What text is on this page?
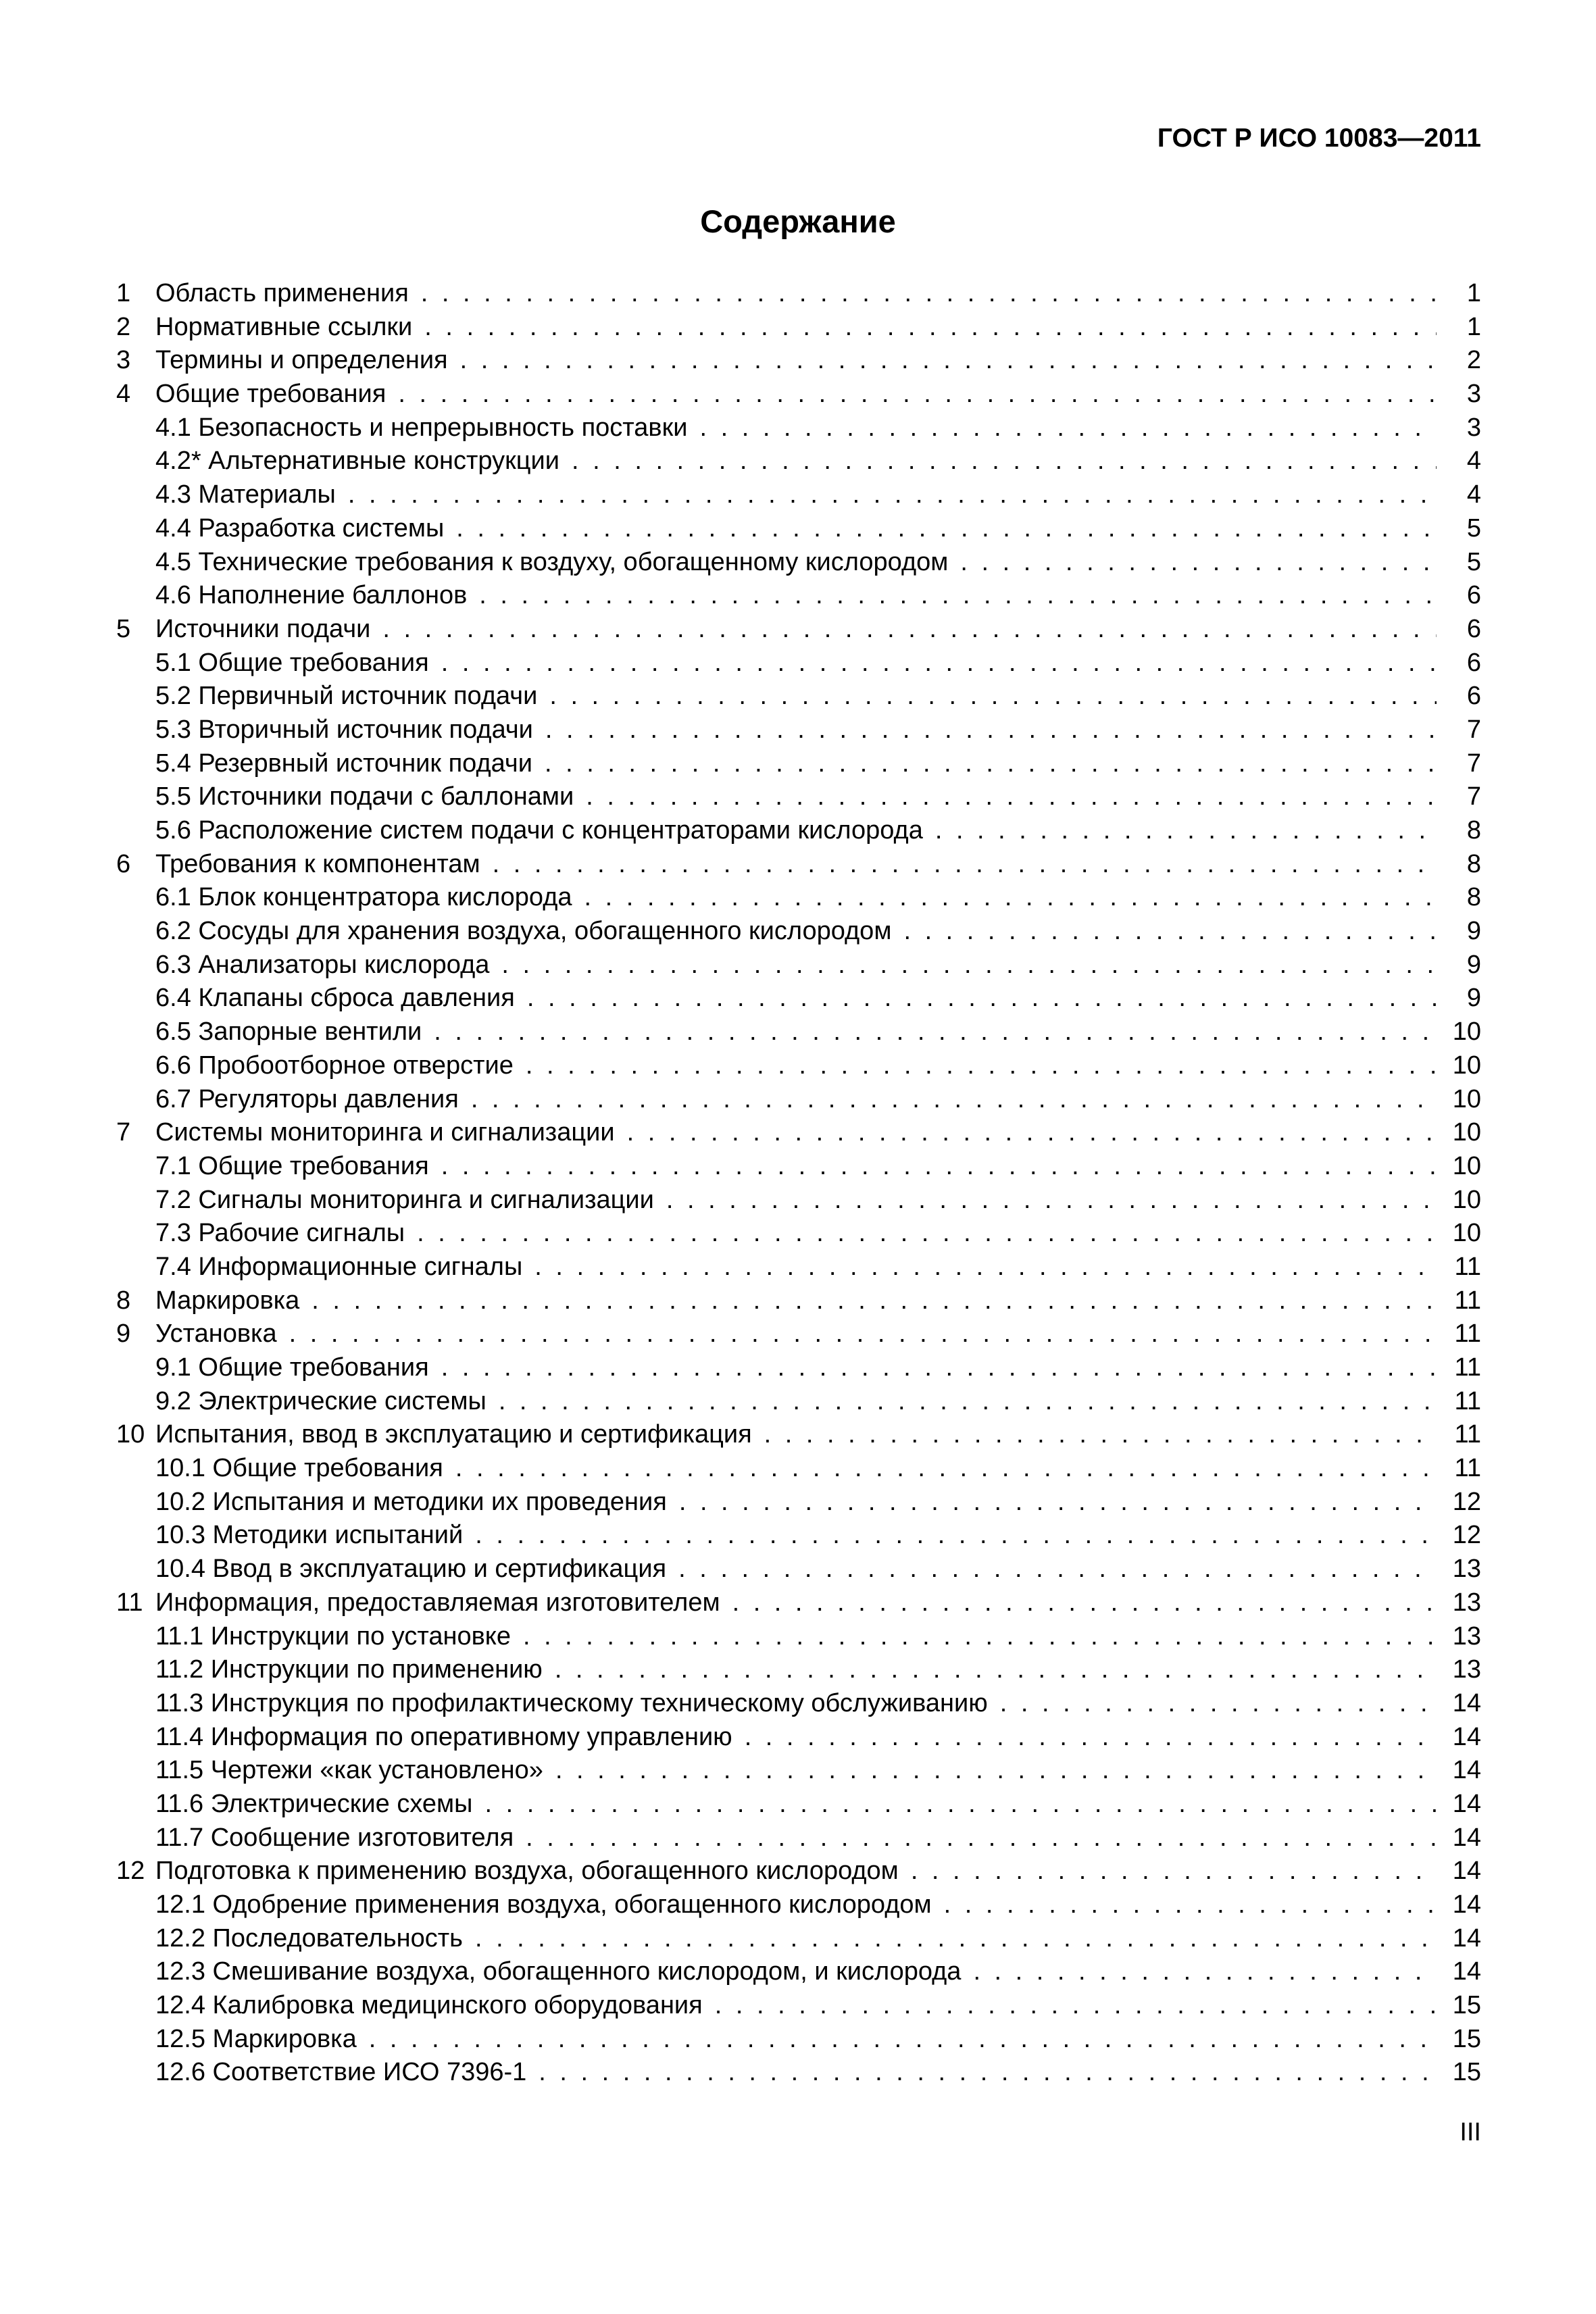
ГОСТ Р ИСО 10083—2011
Содержание
1 Область применения . . .	1
2 Нормативные ссылки . . .	1
3 Термины и определения . . .	2
4 Общие требования . . .	3
4.1 Безопасность и непрерывность поставки . . .	3
4.2* Альтернативные конструкции . . .	4
4.3 Материалы . . .	4
4.4 Разработка системы . . .	5
4.5 Технические требования к воздуху, обогащенному кислородом . . .	5
4.6 Наполнение баллонов . . .	6
5 Источники подачи . . .	6
5.1 Общие требования . . .	6
5.2 Первичный источник подачи . . .	6
5.3 Вторичный источник подачи . . .	7
5.4 Резервный источник подачи . . .	7
5.5 Источники подачи с баллонами . . .	7
5.6 Расположение систем подачи с концентраторами кислорода . . .	8
6 Требования к компонентам . . .	8
6.1 Блок концентратора кислорода . . .	8
6.2 Сосуды для хранения воздуха, обогащенного кислородом . . .	9
6.3 Анализаторы кислорода . . .	9
6.4 Клапаны сброса давления . . .	9
6.5 Запорные вентили . . .	10
6.6 Пробоотборное отверстие . . .	10
6.7 Регуляторы давления . . .	10
7 Системы мониторинга и сигнализации . . .	10
7.1 Общие требования . . .	10
7.2 Сигналы мониторинга и сигнализации . . .	10
7.3 Рабочие сигналы . . .	10
7.4 Информационные сигналы . . .	11
8 Маркировка . . .	11
9 Установка . . .	11
9.1 Общие требования . . .	11
9.2 Электрические системы . . .	11
10 Испытания, ввод в эксплуатацию и сертификация . . .	11
10.1 Общие требования . . .	11
10.2 Испытания и методики их проведения . . .	12
10.3 Методики испытаний . . .	12
10.4 Ввод в эксплуатацию и сертификация . . .	13
11 Информация, предоставляемая изготовителем . . .	13
11.1 Инструкции по установке . . .	13
11.2 Инструкции по применению . . .	13
11.3 Инструкция по профилактическому техническому обслуживанию . . .	14
11.4 Информация по оперативному управлению . . .	14
11.5 Чертежи «как установлено» . . .	14
11.6 Электрические схемы . . .	14
11.7 Сообщение изготовителя . . .	14
12 Подготовка к применению воздуха, обогащенного кислородом . . .	14
12.1 Одобрение применения воздуха, обогащенного кислородом . . .	14
12.2 Последовательность . . .	14
12.3 Смешивание воздуха, обогащенного кислородом, и кислорода . . .	14
12.4 Калибровка медицинского оборудования . . .	15
12.5 Маркировка . . .	15
12.6 Соответствие ИСО 7396-1 . . .	15
III
